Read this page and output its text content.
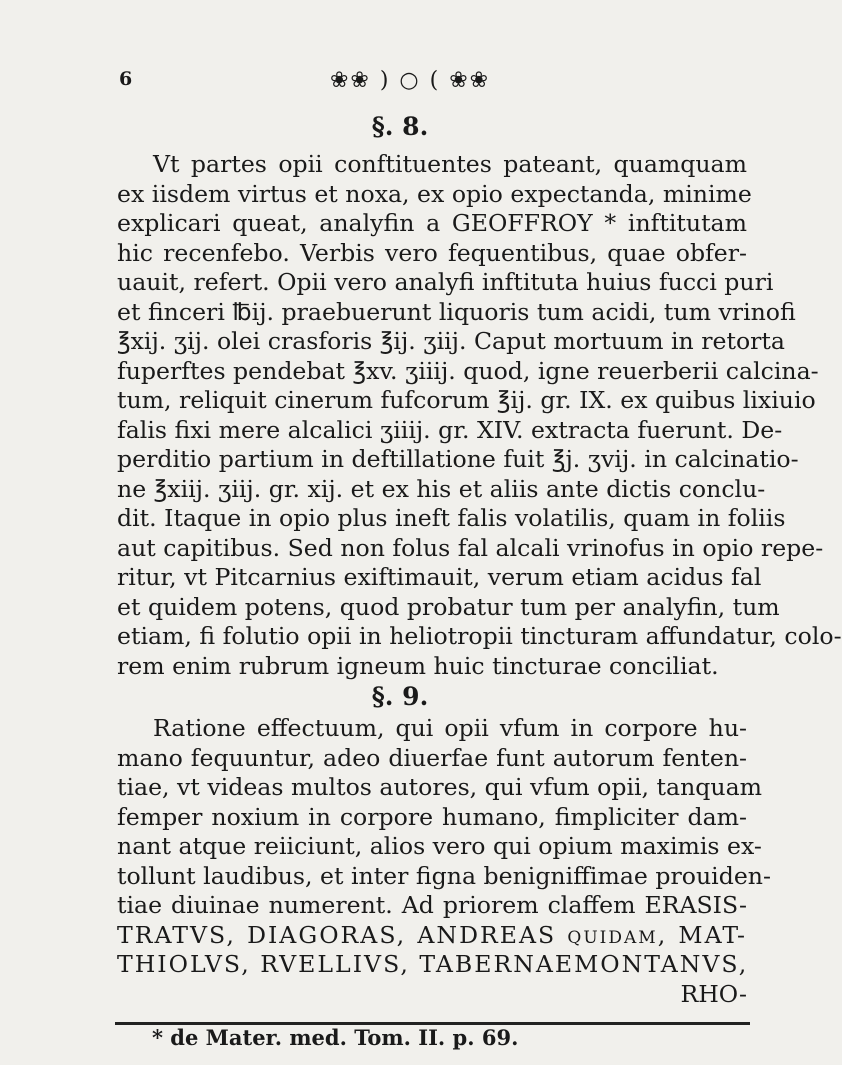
6	❀❀ ) ○ ( ❀❀
§. 8.
Vt partes opii conftituentes pateant, quamquam
ex iisdem virtus et noxa, ex opio expectanda, minime
explicari queat, analyfin a GEOFFROY * inftitutam
hic recenfebo. Verbis vero fequentibus, quae obfer-
uauit, refert. Opii vero analyfi inftituta huius fucci puri
et finceri ℔ij. praebuerunt liquoris tum acidi, tum vrinofi
℥xij. ʒij. olei crasforis ℥ij. ʒiij. Caput mortuum in retorta
fuperftes pendebat ℥xv. ʒiiij. quod, igne reuerberii calcina-
tum, reliquit cinerum fufcorum ℥ij. gr. IX. ex quibus lixiuio
falis fixi mere alcalici ʒiiij. gr. XIV. extracta fuerunt. De-
perditio partium in deftillatione fuit ℥j. ʒvij. in calcinatio-
ne ℥xiij. ʒiij. gr. xij. et ex his et aliis ante dictis conclu-
dit. Itaque in opio plus ineft falis volatilis, quam in foliis
aut capitibus. Sed non folus fal alcali vrinofus in opio repe-
ritur, vt Pitcarnius exiftimauit, verum etiam acidus fal
et quidem potens, quod probatur tum per analyfin, tum
etiam, fi folutio opii in heliotropii tincturam affundatur, colo-
rem enim rubrum igneum huic tincturae conciliat.
§. 9.
Ratione effectuum, qui opii vfum in corpore hu-
mano fequuntur, adeo diuerfae funt autorum fenten-
tiae, vt videas multos autores, qui vfum opii, tanquam
femper noxium in corpore humano, fimpliciter dam-
nant atque reiiciunt, alios vero qui opium maximis ex-
tollunt laudibus, et inter figna benigniffimae prouiden-
tiae diuinae numerent. Ad priorem claffem ERASIS-
TRATVS, DIAGORAS, ANDREAS quidam, MAT-
THIOLVS, RVELLIVS, TABERNAEMONTANVS,
RHO-
* de Mater. med. Tom. II. p. 69.
